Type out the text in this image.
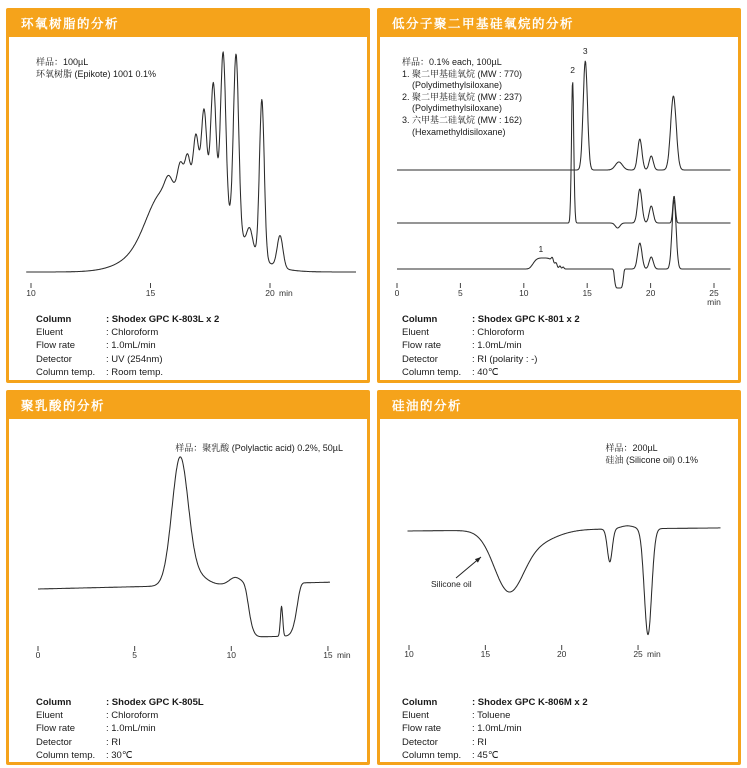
环氧树脂的分析
10	15	20 min
样品：100µL
环氧树脂 (Epikote) 1001 0.1%
Column	: Shodex GPC K-803L x 2
Eluent	: Chloroform
Flow rate	: 1.0mL/min
Detector	: UV (254nm)
Column temp.	: Room temp.
低分子聚二甲基硅氧烷的分析
0	5	10	15	20	25
min
1
2
3
样品：0.1% each, 100µL
1. 聚二甲基硅氧烷 (MW : 770)
(Polydimethylsiloxane)
2. 聚二甲基硅氧烷 (MW : 237)
(Polydimethylsiloxane)
3. 六甲基二硅氧烷 (MW : 162)
(Hexamethyldisiloxane)
Column	: Shodex GPC K-801 x 2
Eluent	: Chloroform
Flow rate	: 1.0mL/min
Detector	: RI (polarity : -)
Column temp.	: 40℃
聚乳酸的分析
0	5	10	15 min
样品：聚乳酸 (Polylactic acid) 0.2%, 50µL
Column	: Shodex GPC K-805L
Eluent	: Chloroform
Flow rate	: 1.0mL/min
Detector	: RI
Column temp.	: 30℃
硅油的分析
10	15	20	25 min
Silicone oil
样品：200µL
硅油 (Silicone oil) 0.1%
Column	: Shodex GPC K-806M x 2
Eluent	: Toluene
Flow rate	: 1.0mL/min
Detector	: RI
Column temp.	: 45℃
